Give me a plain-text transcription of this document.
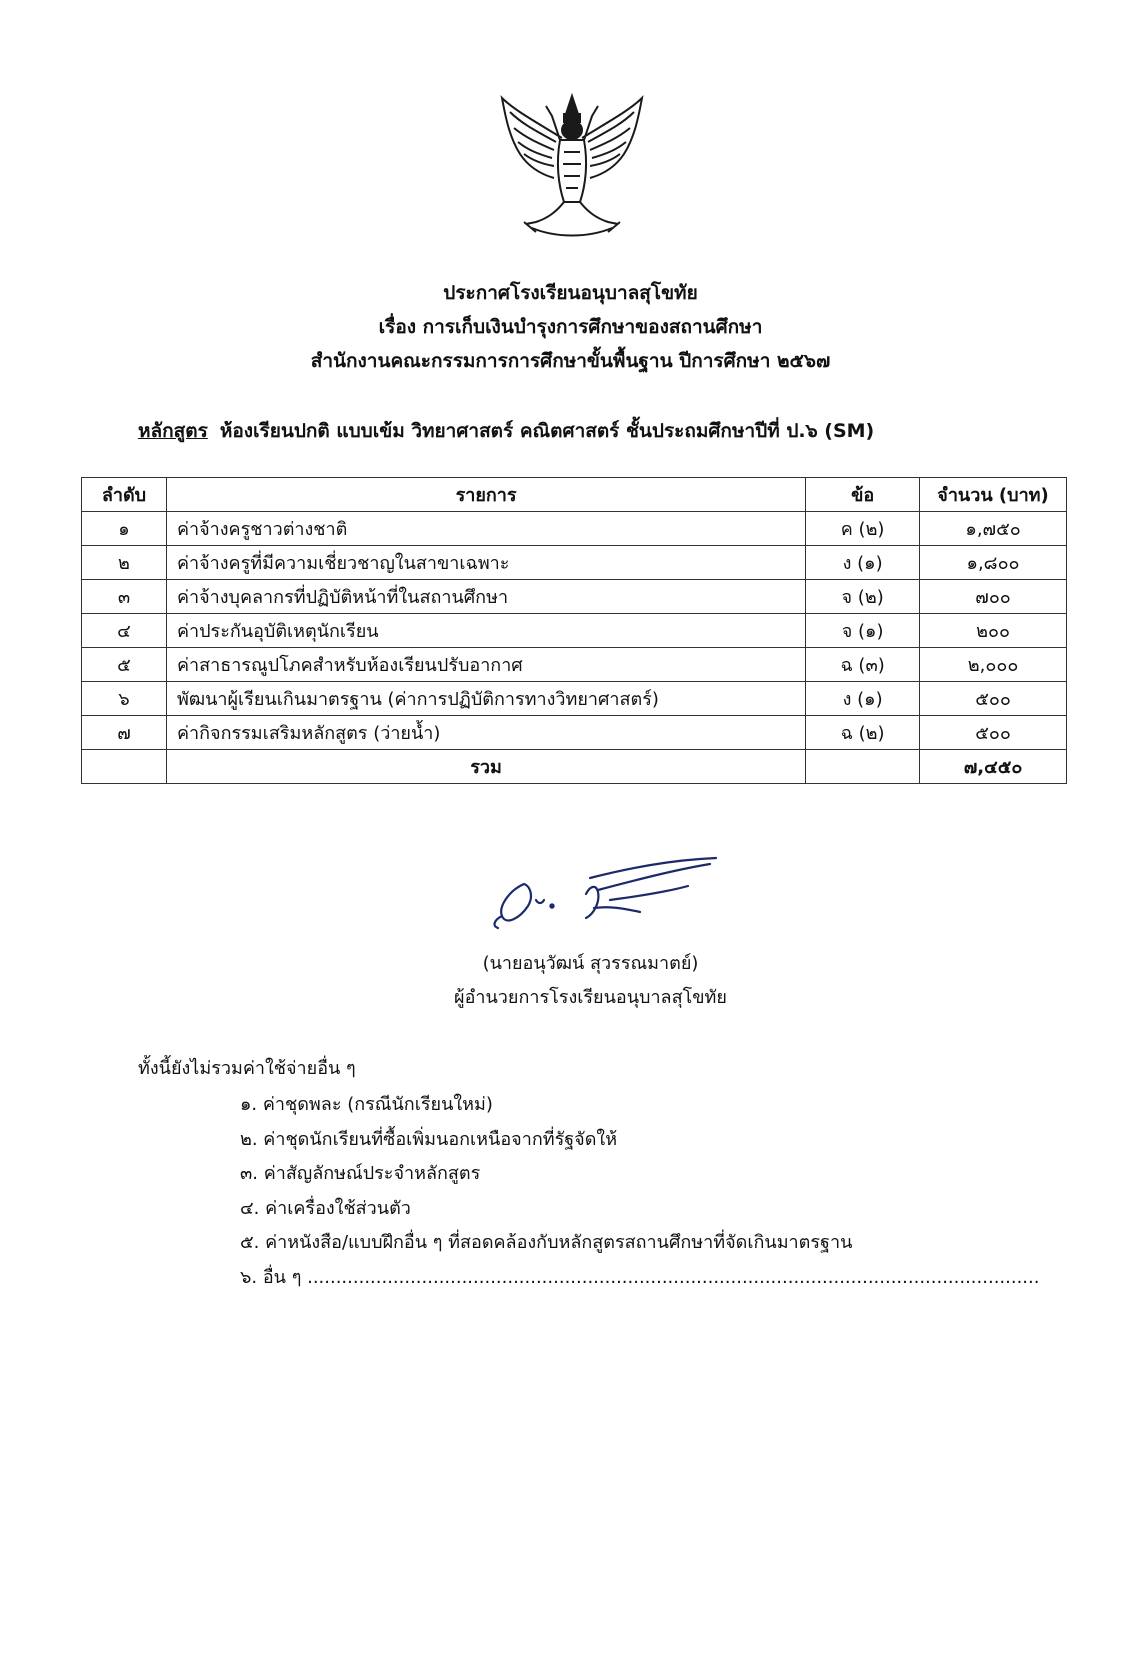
ประกาศโรงเรียนอนุบาลสุโขทัย
เรื่อง การเก็บเงินบำรุงการศึกษาของสถานศึกษา
สำนักงานคณะกรรมการการศึกษาขั้นพื้นฐาน ปีการศึกษา ๒๕๖๗
หลักสูตร ห้องเรียนปกติ แบบเข้ม วิทยาศาสตร์ คณิตศาสตร์ ชั้นประถมศึกษาปีที่ ป.๖ (SM)
ลำดับ	รายการ	ข้อ	จำนวน (บาท)
๑	ค่าจ้างครูชาวต่างชาติ	ค (๒)	๑,๗๕๐
๒	ค่าจ้างครูที่มีความเชี่ยวชาญในสาขาเฉพาะ	ง (๑)	๑,๘๐๐
๓	ค่าจ้างบุคลากรที่ปฏิบัติหน้าที่ในสถานศึกษา	จ (๒)	๗๐๐
๔	ค่าประกันอุบัติเหตุนักเรียน	จ (๑)	๒๐๐
๕	ค่าสาธารณูปโภคสำหรับห้องเรียนปรับอากาศ	ฉ (๓)	๒,๐๐๐
๖	พัฒนาผู้เรียนเกินมาตรฐาน (ค่าการปฏิบัติการทางวิทยาศาสตร์)	ง (๑)	๕๐๐
๗	ค่ากิจกรรมเสริมหลักสูตร (ว่ายน้ำ)	ฉ (๒)	๕๐๐
	รวม		๗,๔๕๐
(นายอนุวัฒน์ สุวรรณมาตย์)
ผู้อำนวยการโรงเรียนอนุบาลสุโขทัย
ทั้งนี้ยังไม่รวมค่าใช้จ่ายอื่น ๆ
๑. ค่าชุดพละ (กรณีนักเรียนใหม่)
๒. ค่าชุดนักเรียนที่ซื้อเพิ่มนอกเหนือจากที่รัฐจัดให้
๓. ค่าสัญลักษณ์ประจำหลักสูตร
๔. ค่าเครื่องใช้ส่วนตัว
๕. ค่าหนังสือ/แบบฝึกอื่น ๆ ที่สอดคล้องกับหลักสูตรสถานศึกษาที่จัดเกินมาตรฐาน
๖. อื่น ๆ ................................................................................................................................
